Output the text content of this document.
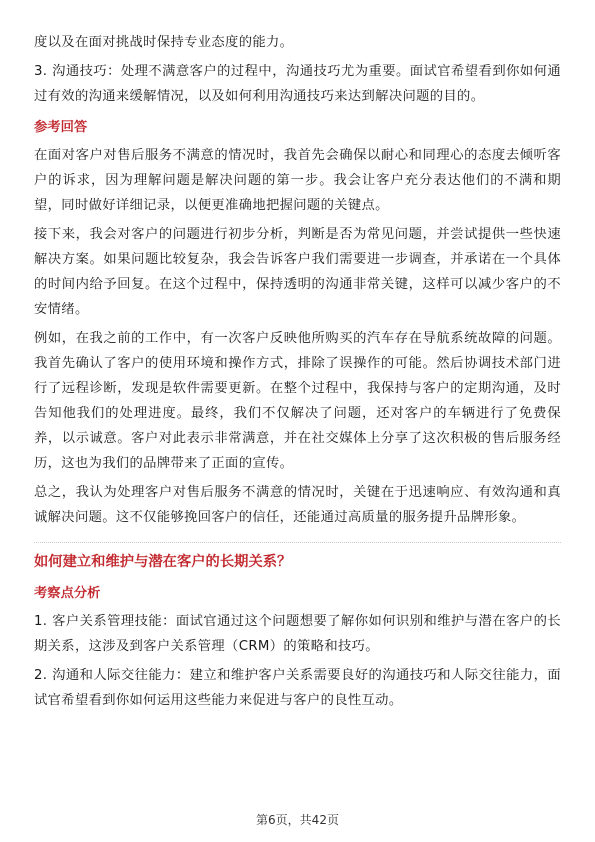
度以及在面对挑战时保持专业态度的能力。

3. 沟通技巧：处理不满意客户的过程中，沟通技巧尤为重要。面试官希望看到你如何通过有效的沟通来缓解情况，以及如何利用沟通技巧来达到解决问题的目的。

参考回答

在面对客户对售后服务不满意的情况时，我首先会确保以耐心和同理心的态度去倾听客户的诉求，因为理解问题是解决问题的第一步。我会让客户充分表达他们的不满和期望，同时做好详细记录，以便更准确地把握问题的关键点。

接下来，我会对客户的问题进行初步分析，判断是否为常见问题，并尝试提供一些快速解决方案。如果问题比较复杂，我会告诉客户我们需要进一步调查，并承诺在一个具体的时间内给予回复。在这个过程中，保持透明的沟通非常关键，这样可以减少客户的不安情绪。

例如，在我之前的工作中，有一次客户反映他所购买的汽车存在导航系统故障的问题。我首先确认了客户的使用环境和操作方式，排除了误操作的可能。然后协调技术部门进行了远程诊断，发现是软件需要更新。在整个过程中，我保持与客户的定期沟通，及时告知他我们的处理进度。最终，我们不仅解决了问题，还对客户的车辆进行了免费保养，以示诚意。客户对此表示非常满意，并在社交媒体上分享了这次积极的售后服务经历，这也为我们的品牌带来了正面的宣传。

总之，我认为处理客户对售后服务不满意的情况时，关键在于迅速响应、有效沟通和真诚解决问题。这不仅能够挽回客户的信任，还能通过高质量的服务提升品牌形象。

如何建立和维护与潜在客户的长期关系？
考察点分析

1. 客户关系管理技能：面试官通过这个问题想要了解你如何识别和维护与潜在客户的长期关系，这涉及到客户关系管理（CRM）的策略和技巧。

2. 沟通和人际交往能力：建立和维护客户关系需要良好的沟通技巧和人际交往能力，面试官希望看到你如何运用这些能力来促进与客户的良性互动。

第6页，共42页
